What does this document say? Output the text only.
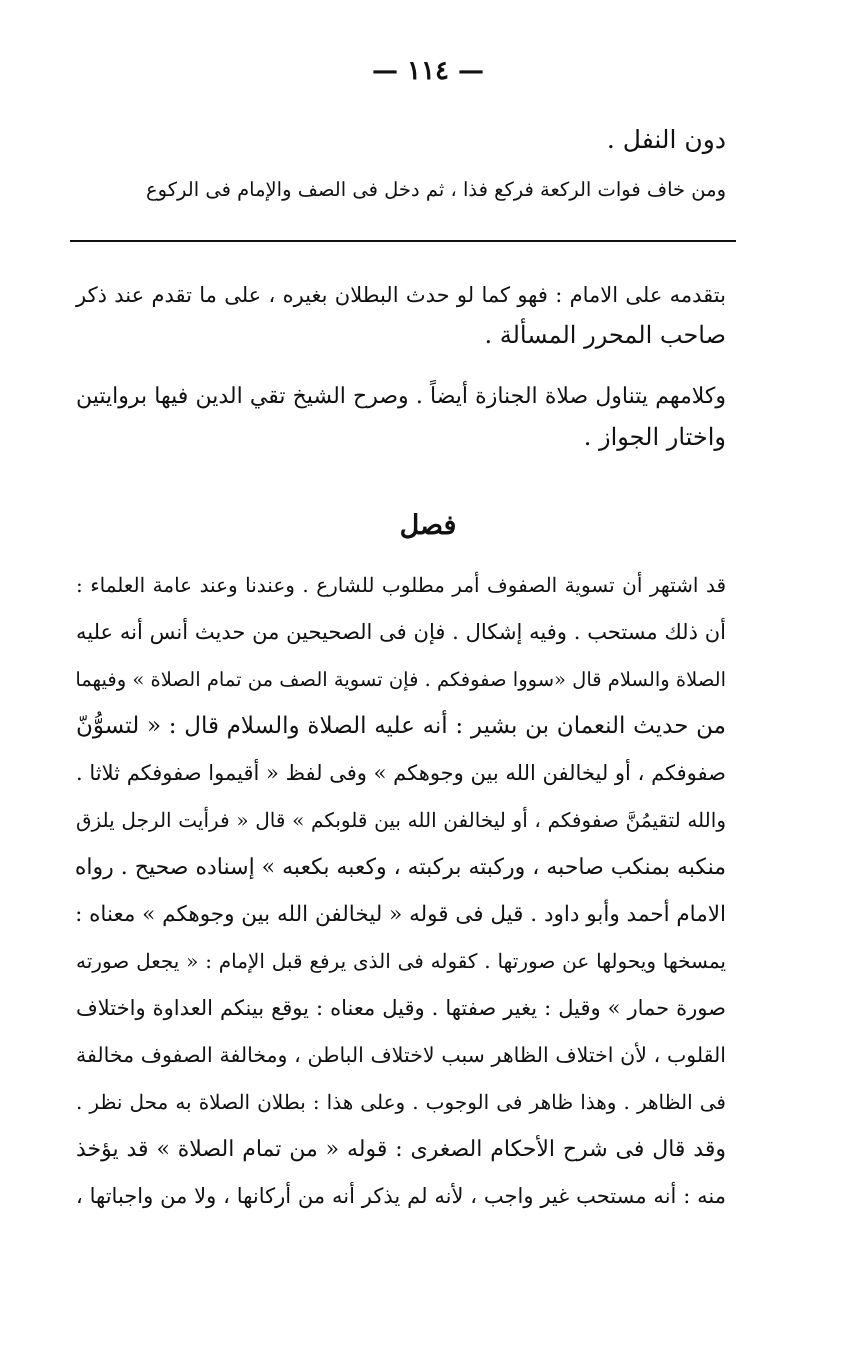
— ١١٤ —
دون النفل .
ومن خاف فوات الركعة فركع فذا ، ثم دخل فى الصف والإمام فى الركوع
بتقدمه على الامام : فهو كما لو حدث البطلان بغيره ، على ما تقدم عند ذكر
صاحب المحرر المسألة .
وكلامهم يتناول صلاة الجنازة أيضاً . وصرح الشيخ تقي الدين فيها بروايتين
واختار الجواز .
فصل
قد اشتهر أن تسوية الصفوف أمر مطلوب للشارع . وعندنا وعند عامة العلماء :
أن ذلك مستحب . وفيه إشكال . فإن فى الصحيحين من حديث أنس أنه عليه
الصلاة والسلام قال «سووا صفوفكم . فإن تسوية الصف من تمام الصلاة » وفيهما
من حديث النعمان بن بشير : أنه عليه الصلاة والسلام قال : « لتسوُّنّ
صفوفكم ، أو ليخالفن الله بين وجوهكم » وفى لفظ « أقيموا صفوفكم ثلاثا .
والله لتقيمُنَّ صفوفكم ، أو ليخالفن الله بين قلوبكم » قال « فرأيت الرجل يلزق
منكبه بمنكب صاحبه ، وركبته بركبته ، وكعبه بكعبه » إسناده صحيح . رواه
الامام أحمد وأبو داود . قيل فى قوله « ليخالفن الله بين وجوهكم » معناه :
يمسخها ويحولها عن صورتها . كقوله فى الذى يرفع قبل الإمام : « يجعل صورته
صورة حمار » وقيل : يغير صفتها . وقيل معناه : يوقع بينكم العداوة واختلاف
القلوب ، لأن اختلاف الظاهر سبب لاختلاف الباطن ، ومخالفة الصفوف مخالفة
فى الظاهر . وهذا ظاهر فى الوجوب . وعلى هذا : بطلان الصلاة به محل نظر .
وقد قال فى شرح الأحكام الصغرى : قوله « من تمام الصلاة » قد يؤخذ
منه : أنه مستحب غير واجب ، لأنه لم يذكر أنه من أركانها ، ولا من واجباتها ،
